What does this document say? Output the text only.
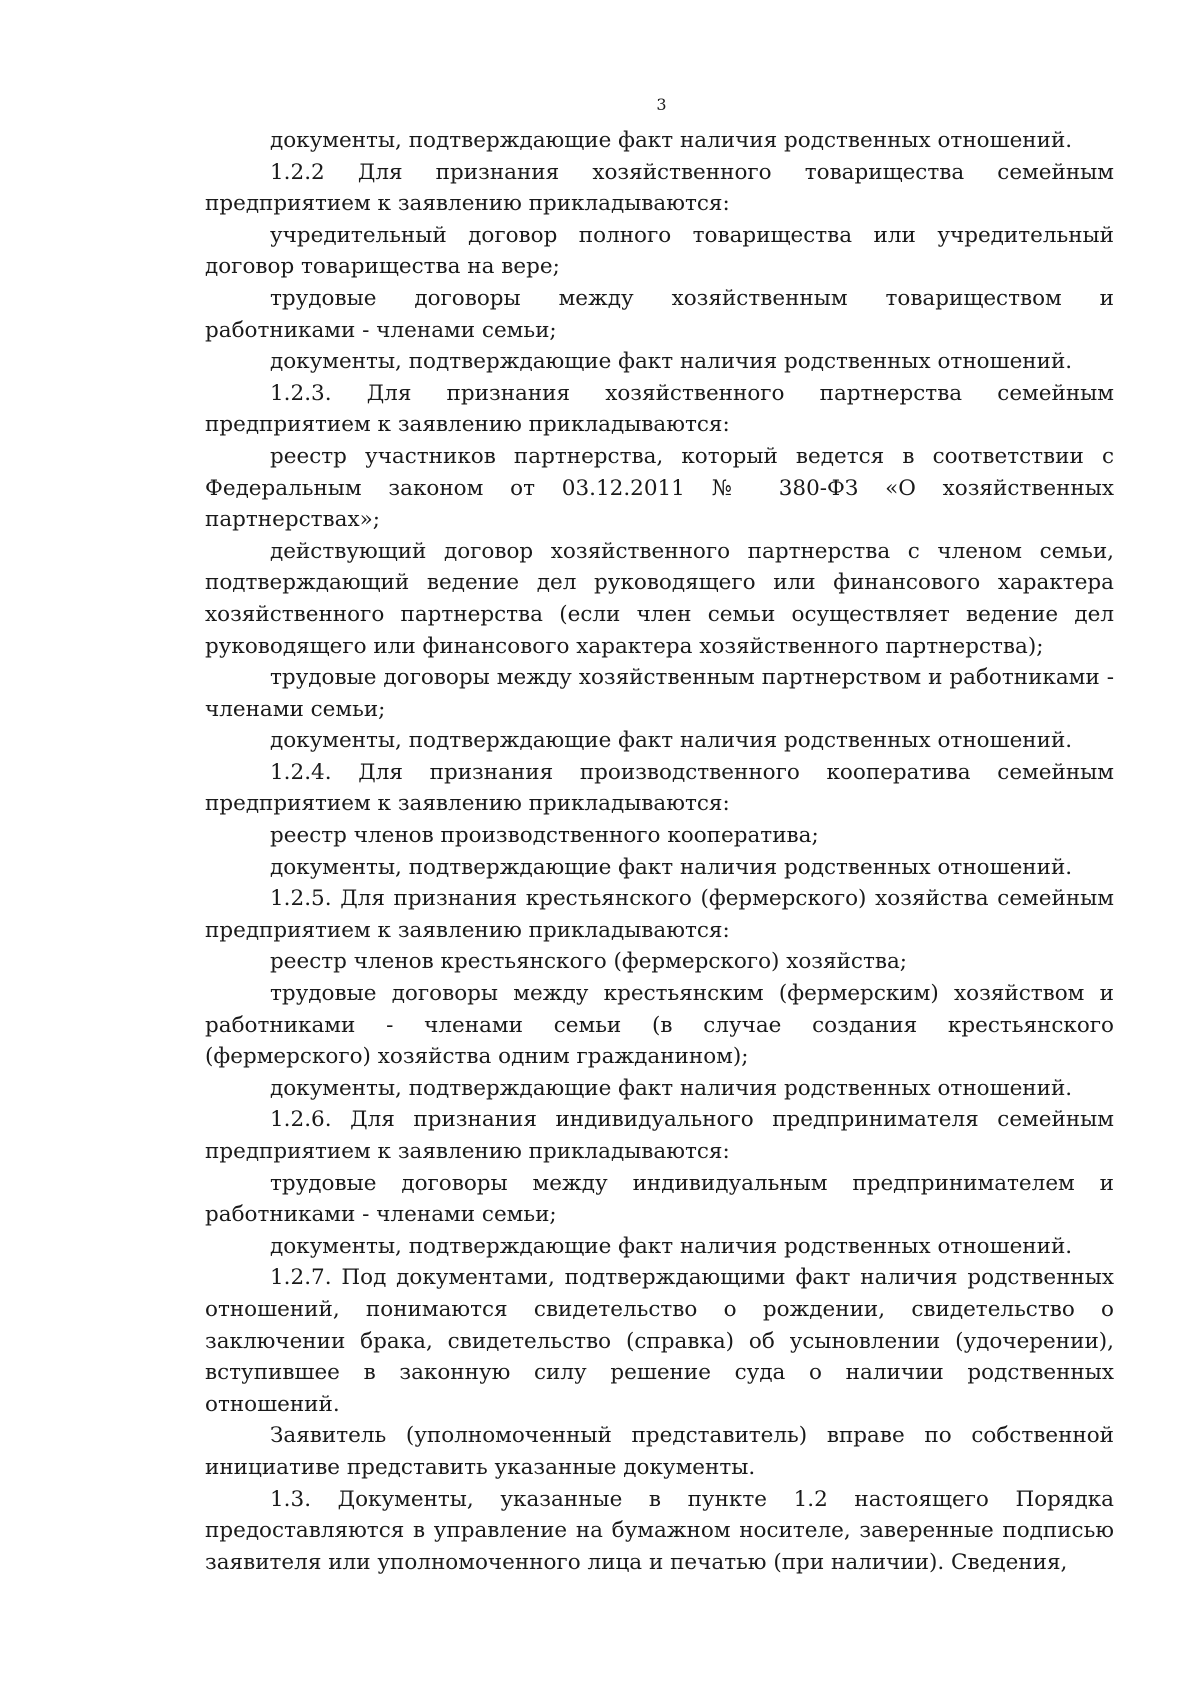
3

документы, подтверждающие факт наличия родственных отношений.

1.2.2 Для признания хозяйственного товарищества семейным предприятием к заявлению прикладываются:

учредительный договор полного товарищества или учредительный договор товарищества на вере;

трудовые договоры между хозяйственным товариществом и работниками - членами семьи;

документы, подтверждающие факт наличия родственных отношений.

1.2.3. Для признания хозяйственного партнерства семейным предприятием к заявлению прикладываются:

реестр участников партнерства, который ведется в соответствии с Федеральным законом от 03.12.2011 № 380-ФЗ «О хозяйственных партнерствах»;

действующий договор хозяйственного партнерства с членом семьи, подтверждающий ведение дел руководящего или финансового характера хозяйственного партнерства (если член семьи осуществляет ведение дел руководящего или финансового характера хозяйственного партнерства);

трудовые договоры между хозяйственным партнерством и работниками - членами семьи;

документы, подтверждающие факт наличия родственных отношений.

1.2.4. Для признания производственного кооператива семейным предприятием к заявлению прикладываются:

реестр членов производственного кооператива;

документы, подтверждающие факт наличия родственных отношений.

1.2.5. Для признания крестьянского (фермерского) хозяйства семейным предприятием к заявлению прикладываются:

реестр членов крестьянского (фермерского) хозяйства;

трудовые договоры между крестьянским (фермерским) хозяйством и работниками - членами семьи (в случае создания крестьянского (фермерского) хозяйства одним гражданином);

документы, подтверждающие факт наличия родственных отношений.

1.2.6. Для признания индивидуального предпринимателя семейным предприятием к заявлению прикладываются:

трудовые договоры между индивидуальным предпринимателем и работниками - членами семьи;

документы, подтверждающие факт наличия родственных отношений.

1.2.7. Под документами, подтверждающими факт наличия родственных отношений, понимаются свидетельство о рождении, свидетельство о заключении брака, свидетельство (справка) об усыновлении (удочерении), вступившее в законную силу решение суда о наличии родственных отношений.

Заявитель (уполномоченный представитель) вправе по собственной инициативе представить указанные документы.

1.3. Документы, указанные в пункте 1.2 настоящего Порядка предоставляются в управление на бумажном носителе, заверенные подписью заявителя или уполномоченного лица и печатью (при наличии). Сведения,
